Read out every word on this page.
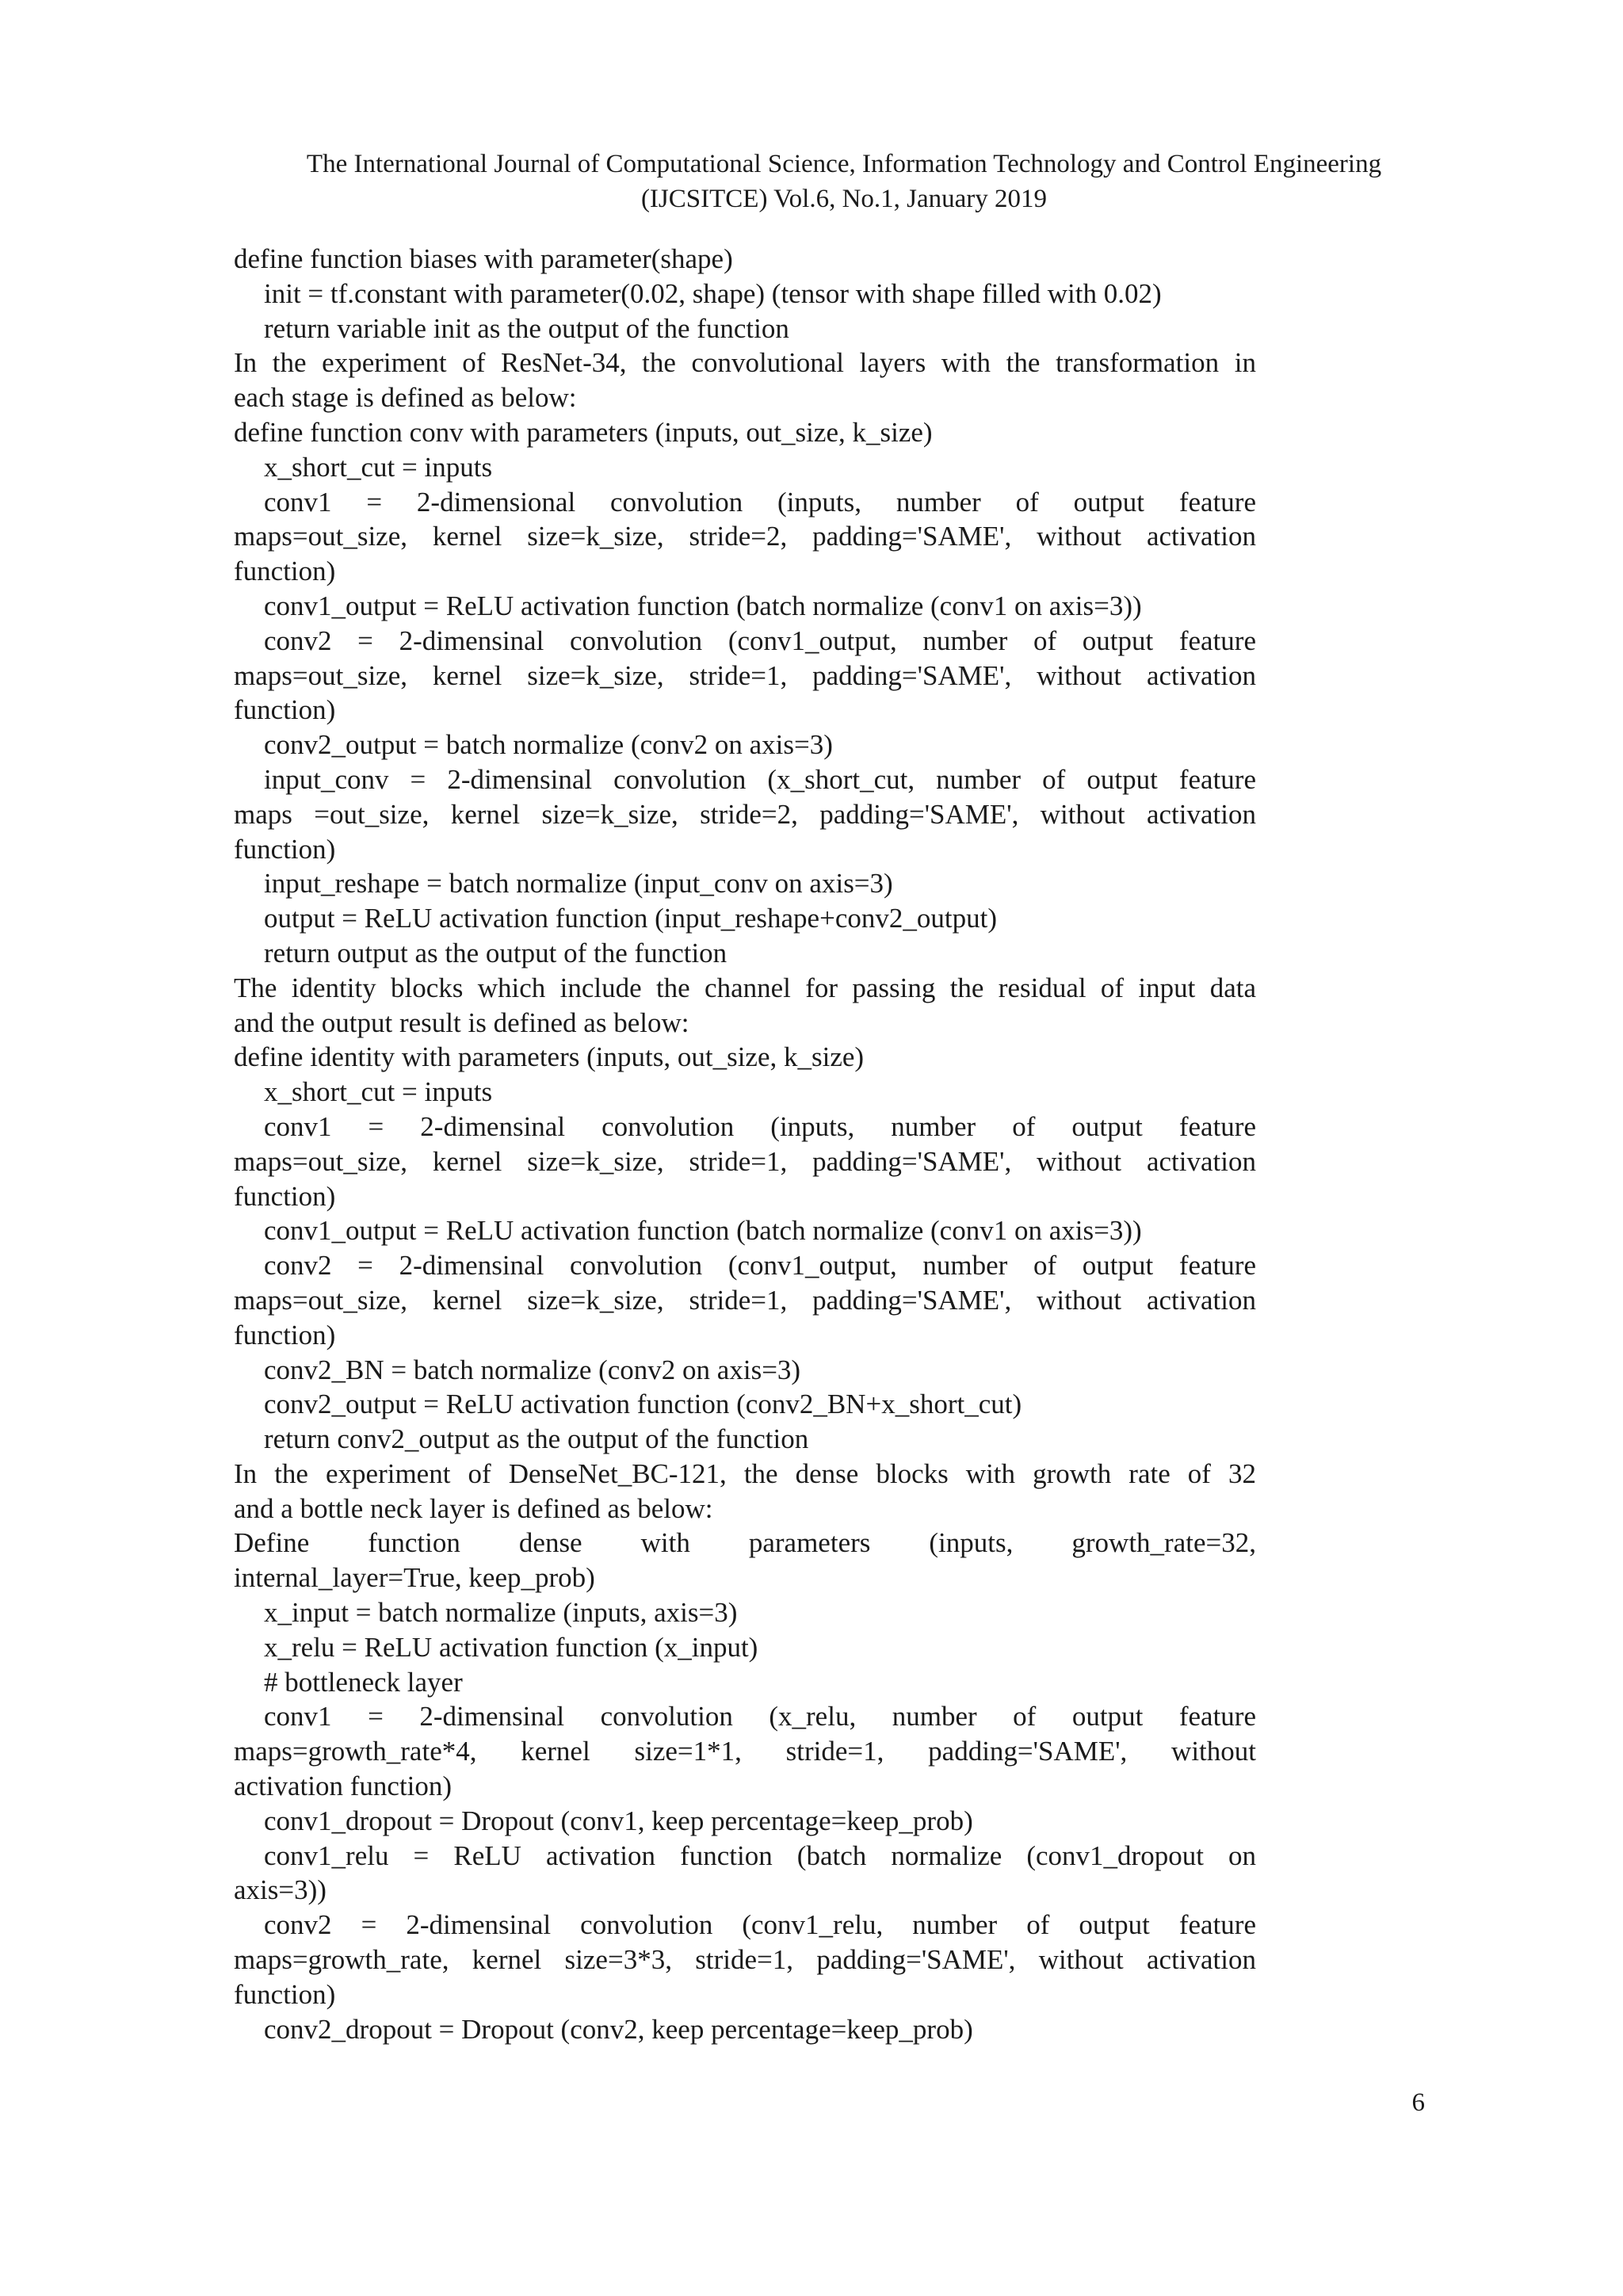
The International Journal of Computational Science, Information Technology and Control Engineering
(IJCSITCE) Vol.6, No.1, January 2019
define function biases with parameter(shape)
init = tf.constant with parameter(0.02, shape) (tensor with shape filled with 0.02)
return variable init as the output of the function
In the experiment of ResNet-34, the convolutional layers with the transformation in
each stage is defined as below:
define function conv with parameters (inputs, out_size, k_size)
x_short_cut = inputs
conv1 = 2-dimensional convolution (inputs, number of output feature
maps=out_size, kernel size=k_size, stride=2, padding='SAME', without activation
function)
conv1_output = ReLU activation function (batch normalize (conv1 on axis=3))
conv2 = 2-dimensinal convolution (conv1_output, number of output feature
maps=out_size, kernel size=k_size, stride=1, padding='SAME', without activation
function)
conv2_output = batch normalize (conv2 on axis=3)
input_conv = 2-dimensinal convolution (x_short_cut, number of output feature
maps =out_size, kernel size=k_size, stride=2, padding='SAME', without activation
function)
input_reshape = batch normalize (input_conv on axis=3)
output = ReLU activation function (input_reshape+conv2_output)
return output as the output of the function
The identity blocks which include the channel for passing the residual of input data
and the output result is defined as below:
define identity with parameters (inputs, out_size, k_size)
x_short_cut = inputs
conv1 = 2-dimensinal convolution (inputs, number of output feature
maps=out_size, kernel size=k_size, stride=1, padding='SAME', without activation
function)
conv1_output = ReLU activation function (batch normalize (conv1 on axis=3))
conv2 = 2-dimensinal convolution (conv1_output, number of output feature
maps=out_size, kernel size=k_size, stride=1, padding='SAME', without activation
function)
conv2_BN = batch normalize (conv2 on axis=3)
conv2_output = ReLU activation function (conv2_BN+x_short_cut)
return conv2_output as the output of the function
In the experiment of DenseNet_BC-121, the dense blocks with growth rate of 32
and a bottle neck layer is defined as below:
Define function dense with parameters (inputs, growth_rate=32,
internal_layer=True, keep_prob)
x_input = batch normalize (inputs, axis=3)
x_relu = ReLU activation function (x_input)
# bottleneck layer
conv1 = 2-dimensinal convolution (x_relu, number of output feature
maps=growth_rate*4, kernel size=1*1, stride=1, padding='SAME', without
activation function)
conv1_dropout = Dropout (conv1, keep percentage=keep_prob)
conv1_relu = ReLU activation function (batch normalize (conv1_dropout on
axis=3))
conv2 = 2-dimensinal convolution (conv1_relu, number of output feature
maps=growth_rate, kernel size=3*3, stride=1, padding='SAME', without activation
function)
conv2_dropout = Dropout (conv2, keep percentage=keep_prob)
6
